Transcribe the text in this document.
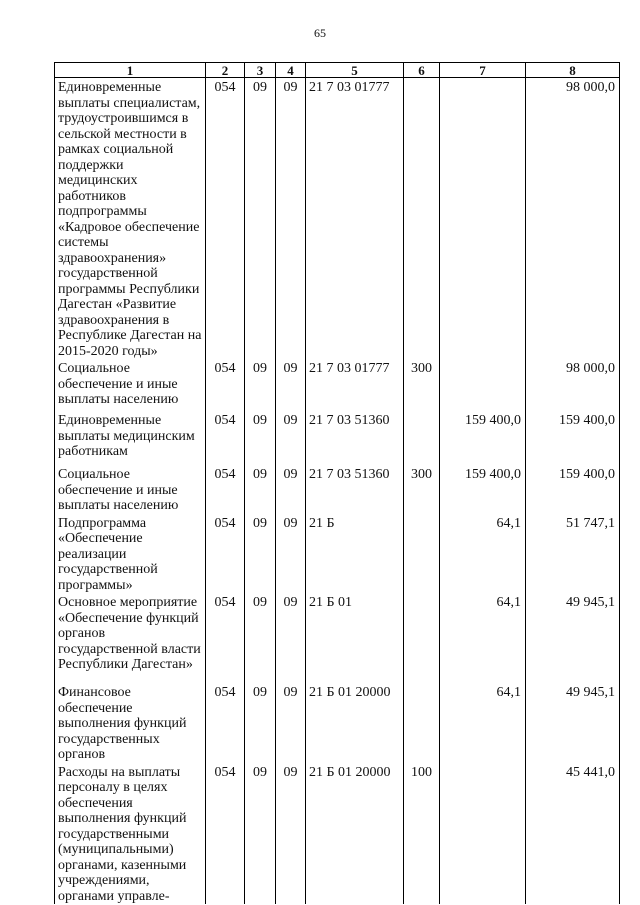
65
1	2	3	4	5	6	7	8
Единовременные выплаты специалистам, трудоустроившимся в сельской местности в рамках социальной поддержки медицинских работников подпрограммы «Кадровое обеспечение системы здравоохранения» государственной программы Республики Дагестан «Развитие здравоохранения в Республике Дагестан на 2015-2020 годы»	054	09	09	21 7 03 01777			98 000,0
Социальное обеспечение и иные выплаты населению	054	09	09	21 7 03 01777	300		98 000,0
Единовременные выплаты медицинским работникам	054	09	09	21 7 03 51360		159 400,0	159 400,0
Социальное обеспечение и иные выплаты населению	054	09	09	21 7 03 51360	300	159 400,0	159 400,0
Подпрограмма «Обеспечение реализации государственной программы»	054	09	09	21 Б		64,1	51 747,1
Основное мероприятие «Обеспечение функций органов государственной власти Республики Дагестан»	054	09	09	21 Б 01		64,1	49 945,1
Финансовое обеспечение выполнения функций государственных органов	054	09	09	21 Б 01 20000		64,1	49 945,1
Расходы на выплаты персоналу в целях обеспечения выполнения функций государственными (муниципальными) органами, казенными учреждениями, органами управле-	054	09	09	21 Б 01 20000	100		45 441,0
